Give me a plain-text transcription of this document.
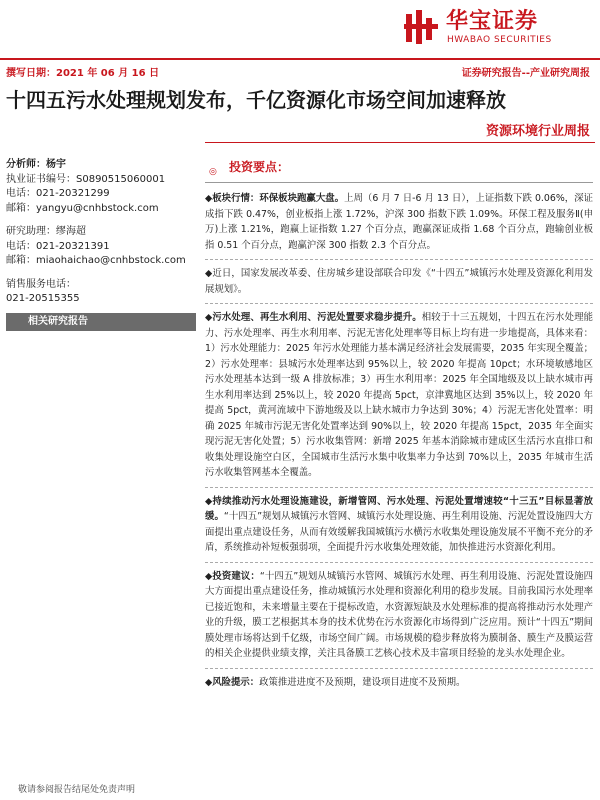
华宝证券
HWABAO SECURITIES
撰写日期：2021 年 06 月 16 日	证券研究报告--产业研究周报
十四五污水处理规划发布，千亿资源化市场空间加速释放
资源环境行业周报
分析师：杨宇
执业证书编号：S0890515060001
电话：021-20321299
邮箱：yangyu@cnhbstock.com
研究助理：缪海超
电话：021-20321391
邮箱：miaohaichao@cnhbstock.com
销售服务电话：
021-20515355
相关研究报告
◎ 投资要点：

◆板块行情：环保板块跑赢大盘。上周（6 月 7 日-6 月 13 日），上证指数下跌 0.06%，深证成指下跌 0.47%，创业板指上涨 1.72%，沪深 300 指数下跌 1.09%。环保工程及服务Ⅱ(申万)上涨 1.21%，跑赢上证指数 1.27 个百分点，跑赢深证成指 1.68 个百分点，跑输创业板指 0.51 个百分点，跑赢沪深 300 指数 2.3 个百分点。

◆近日，国家发展改革委、住房城乡建设部联合印发《“十四五”城镇污水处理及资源化利用发展规划》。

◆污水处理、再生水利用、污泥处置要求稳步提升。相较于十三五规划，十四五在污水处理能力、污水处理率、再生水利用率、污泥无害化处理率等目标上均有进一步地提高，具体来看：1）污水处理能力：2025 年污水处理能力基本满足经济社会发展需要，2035 年实现全覆盖；2）污水处理率：县城污水处理率达到 95%以上，较 2020 年提高 10pct；水环境敏感地区污水处理基本达到一级 A 排放标准；3）再生水利用率：2025 年全国地级及以上缺水城市再生水利用率达到 25%以上，较 2020 年提高 5pct，京津冀地区达到 35%以上，较 2020 年提高 5pct，黄河流域中下游地级及以上缺水城市力争达到 30%；4）污泥无害化处置率：明确 2025 年城市污泥无害化处置率达到 90%以上，较 2020 年提高 15pct，2035 年全面实现污泥无害化处置；5）污水收集管网：新增 2025 年基本消除城市建成区生活污水直排口和收集处理设施空白区，全国城市生活污水集中收集率力争达到 70%以上，2035 年城市生活污水收集管网基本全覆盖。

◆持续推动污水处理设施建设，新增管网、污水处理、污泥处置增速较“十三五”目标显著放缓。“十四五”规划从城镇污水管网、城镇污水处理设施、再生利用设施、污泥处置设施四大方面提出重点建设任务，从而有效缓解我国城镇污水横污水收集处理设施发展不平衡不充分的矛盾，系统推动补短板强弱项，全面提升污水收集处理效能，加快推进污水资源化利用。

◆投资建议：“十四五”规划从城镇污水管网、城镇污水处理、再生利用设施、污泥处置设施四大方面提出重点建设任务，推动城镇污水处理和资源化利用的稳步发展。目前我国污水处理率已接近饱和，未来增量主要在于提标改造，水资源短缺及水处理标准的提高将推动污水处理产业的升级，膜工艺根据其本身的技术优势在污水资源化市场得到广泛应用。预计“十四五”期间膜处理市场将达到千亿级，市场空间广阔。市场规模的稳步释放将为膜制备、膜生产及膜运营的相关企业提供业绩支撑，关注具备膜工艺核心技术及丰富项目经验的龙头水处理企业。

◆风险提示：政策推进进度不及预期，建设项目进度不及预期。

敬请参阅报告结尾处免责声明
